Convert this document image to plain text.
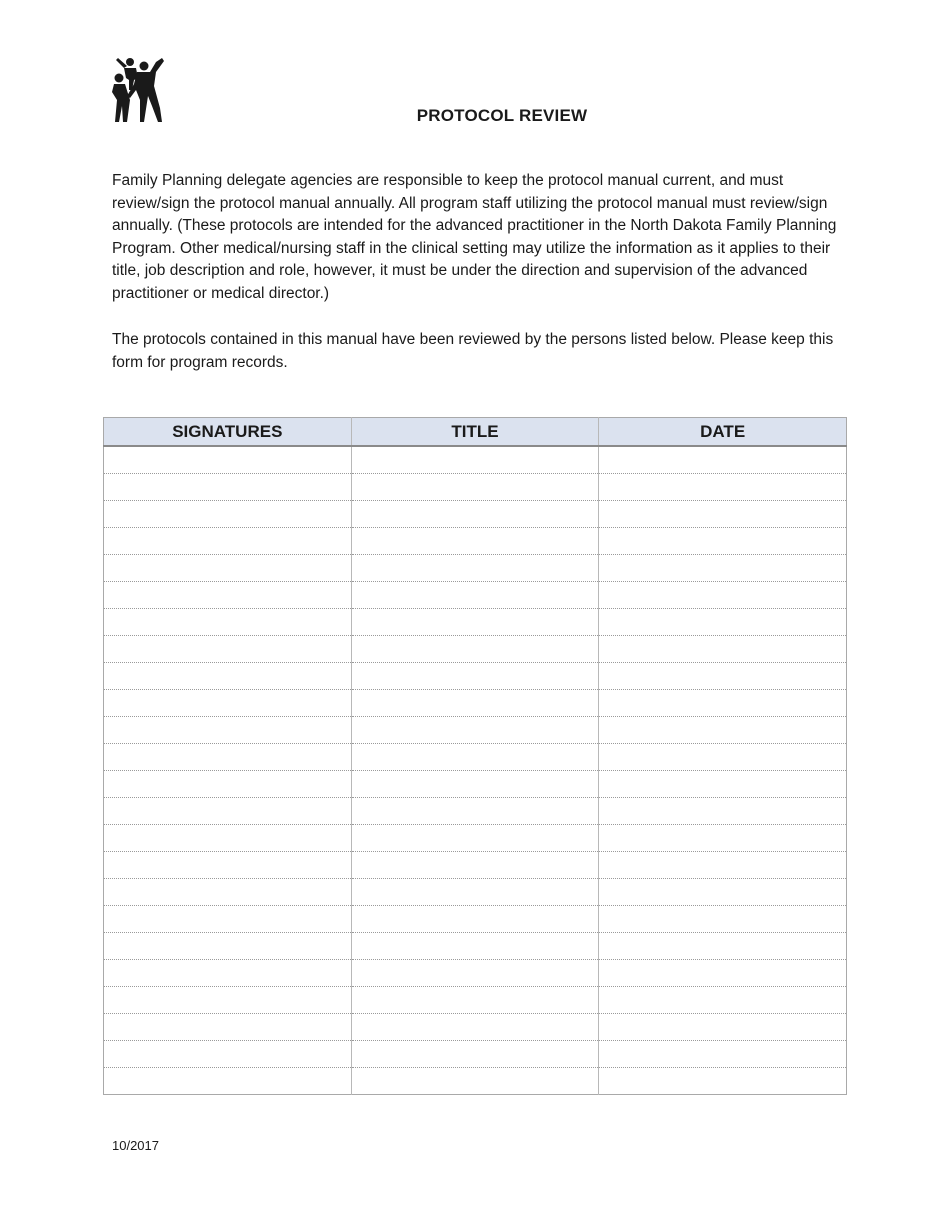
PROTOCOL REVIEW

Family Planning delegate agencies are responsible to keep the protocol manual current, and must review/sign the protocol manual annually. All program staff utilizing the protocol manual must review/sign annually. (These protocols are intended for the advanced practitioner in the North Dakota Family Planning Program. Other medical/nursing staff in the clinical setting may utilize the information as it applies to their title, job description and role, however, it must be under the direction and supervision of the advanced practitioner or medical director.)

The protocols contained in this manual have been reviewed by the persons listed below. Please keep this form for program records.

SIGNATURES	TITLE	DATE

10/2017
